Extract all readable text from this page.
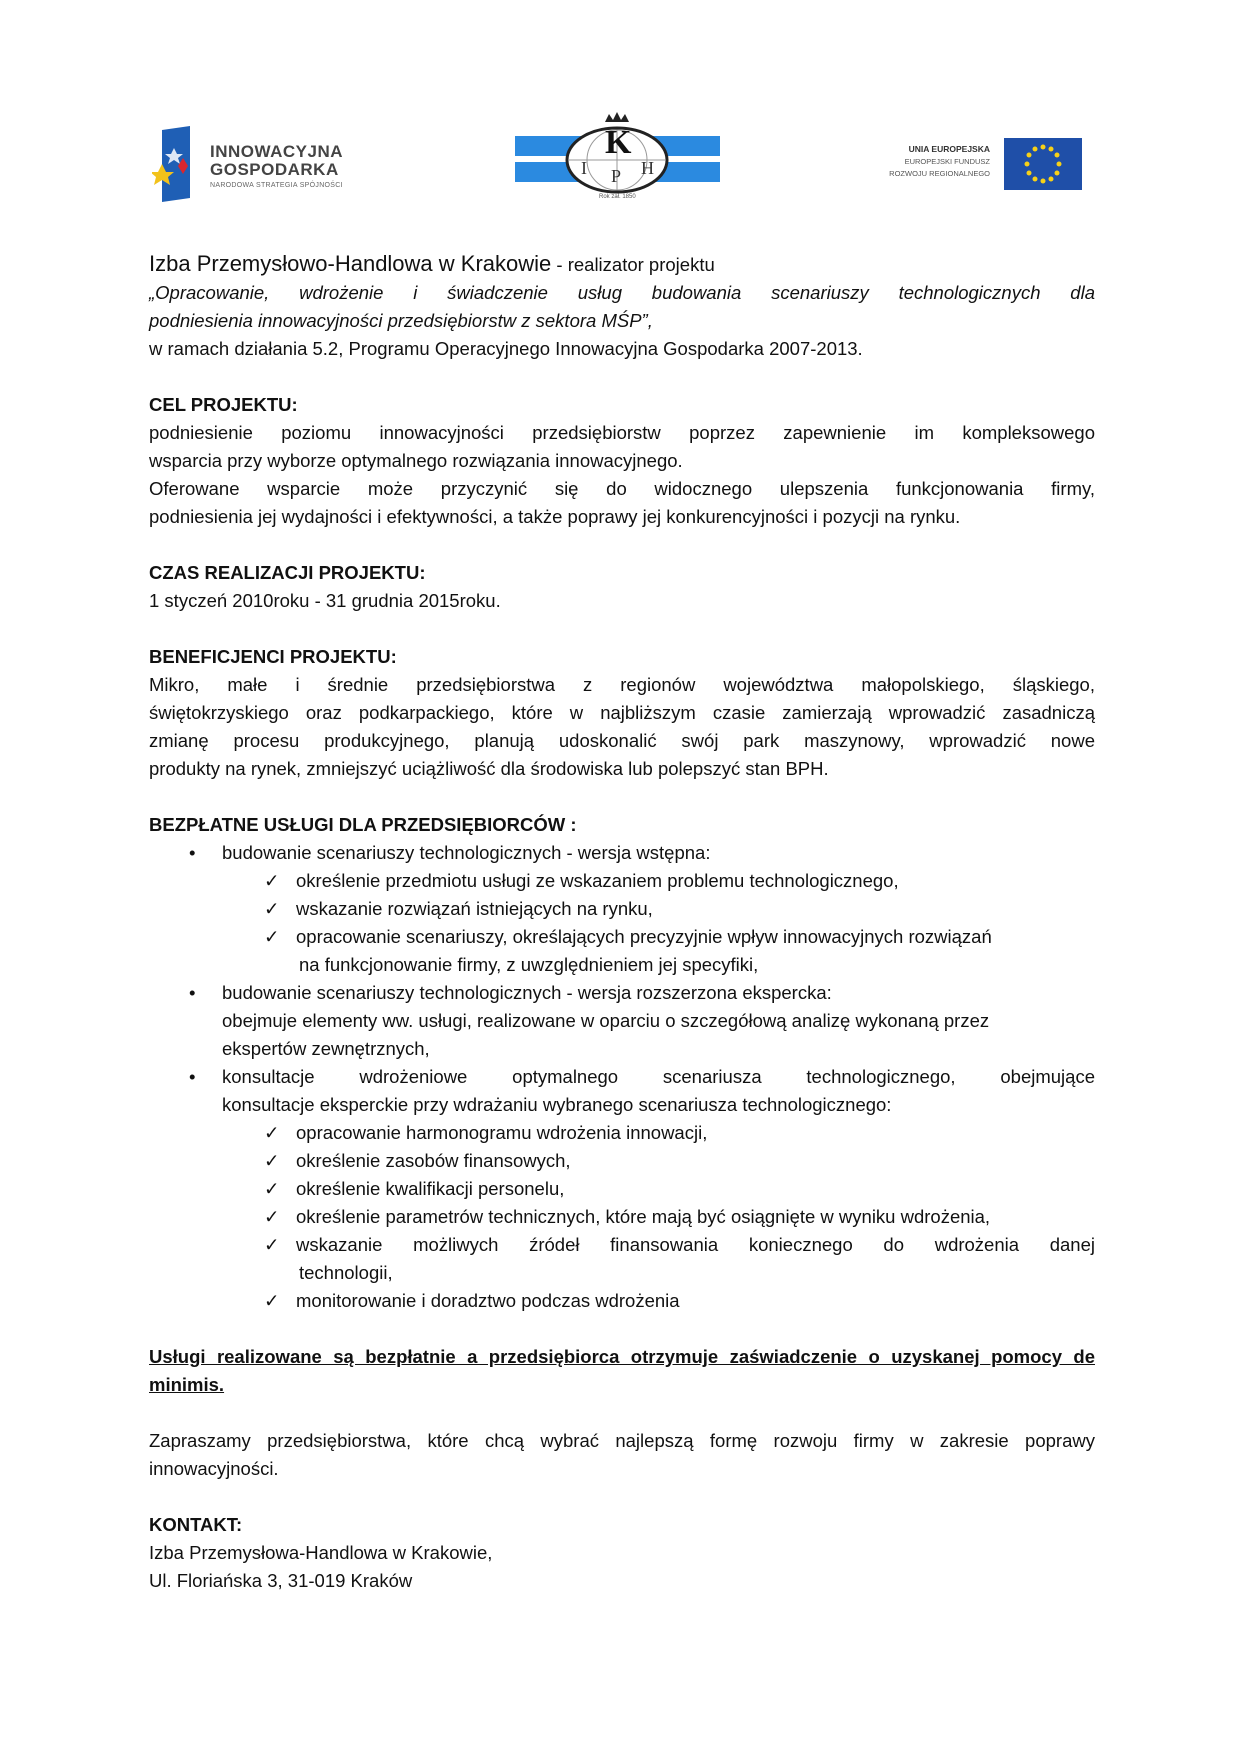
INNOWACYJNA
GOSPODARKA
NARODOWA STRATEGIA SPÓJNOŚCI
K
I P H
Rok zał. 1850
UNIA EUROPEJSKA
EUROPEJSKI FUNDUSZ
ROZWOJU REGIONALNEGO

Izba Przemysłowo-Handlowa w Krakowie - realizator projektu

„Opracowanie, wdrożenie i świadczenie usług budowania scenariuszy technologicznych dla

podniesienia innowacyjności przedsiębiorstw z sektora MŚP”,

w ramach działania 5.2, Programu Operacyjnego Innowacyjna Gospodarka 2007-2013.

CEL PROJEKTU:

podniesienie poziomu innowacyjności przedsiębiorstw poprzez zapewnienie im kompleksowego

wsparcia przy wyborze optymalnego rozwiązania innowacyjnego.

Oferowane wsparcie może przyczynić się do widocznego ulepszenia funkcjonowania firmy,

podniesienia jej wydajności i efektywności, a także poprawy jej konkurencyjności i pozycji na rynku.

CZAS REALIZACJI PROJEKTU:

1 styczeń 2010roku - 31 grudnia 2015roku.

BENEFICJENCI PROJEKTU:

Mikro, małe i średnie przedsiębiorstwa z regionów województwa małopolskiego, śląskiego,

świętokrzyskiego oraz podkarpackiego, które w najbliższym czasie zamierzają wprowadzić zasadniczą

zmianę procesu produkcyjnego, planują udoskonalić swój park maszynowy, wprowadzić nowe

produkty na rynek, zmniejszyć uciążliwość dla środowiska lub polepszyć stan BPH.

BEZPŁATNE USŁUGI DLA PRZEDSIĘBIORCÓW :

• budowanie scenariuszy technologicznych - wersja wstępna:
✓ określenie przedmiotu usługi ze wskazaniem problemu technologicznego,
✓ wskazanie rozwiązań istniejących na rynku,
✓ opracowanie scenariuszy, określających precyzyjnie wpływ innowacyjnych rozwiązań

na funkcjonowanie firmy, z uwzględnieniem jej specyfiki,

• budowanie scenariuszy technologicznych - wersja rozszerzona ekspercka:

obejmuje elementy ww. usługi, realizowane w oparciu o szczegółową analizę wykonaną przez

ekspertów zewnętrznych,

• konsultacje wdrożeniowe optymalnego scenariusza technologicznego, obejmujące

konsultacje eksperckie przy wdrażaniu wybranego scenariusza technologicznego:

✓ opracowanie harmonogramu wdrożenia innowacji,
✓ określenie zasobów finansowych,
✓ określenie kwalifikacji personelu,
✓ określenie parametrów technicznych, które mają być osiągnięte w wyniku wdrożenia,
✓ wskazanie możliwych źródeł finansowania koniecznego do wdrożenia danej

technologii,

✓ monitorowanie i doradztwo podczas wdrożenia

Usługi realizowane są bezpłatnie a przedsiębiorca otrzymuje zaświadczenie o uzyskanej pomocy de

minimis.

Zapraszamy przedsiębiorstwa, które chcą wybrać najlepszą formę rozwoju firmy w zakresie poprawy

innowacyjności.

KONTAKT:

Izba Przemysłowa-Handlowa w Krakowie,

Ul. Floriańska 3, 31-019 Kraków
